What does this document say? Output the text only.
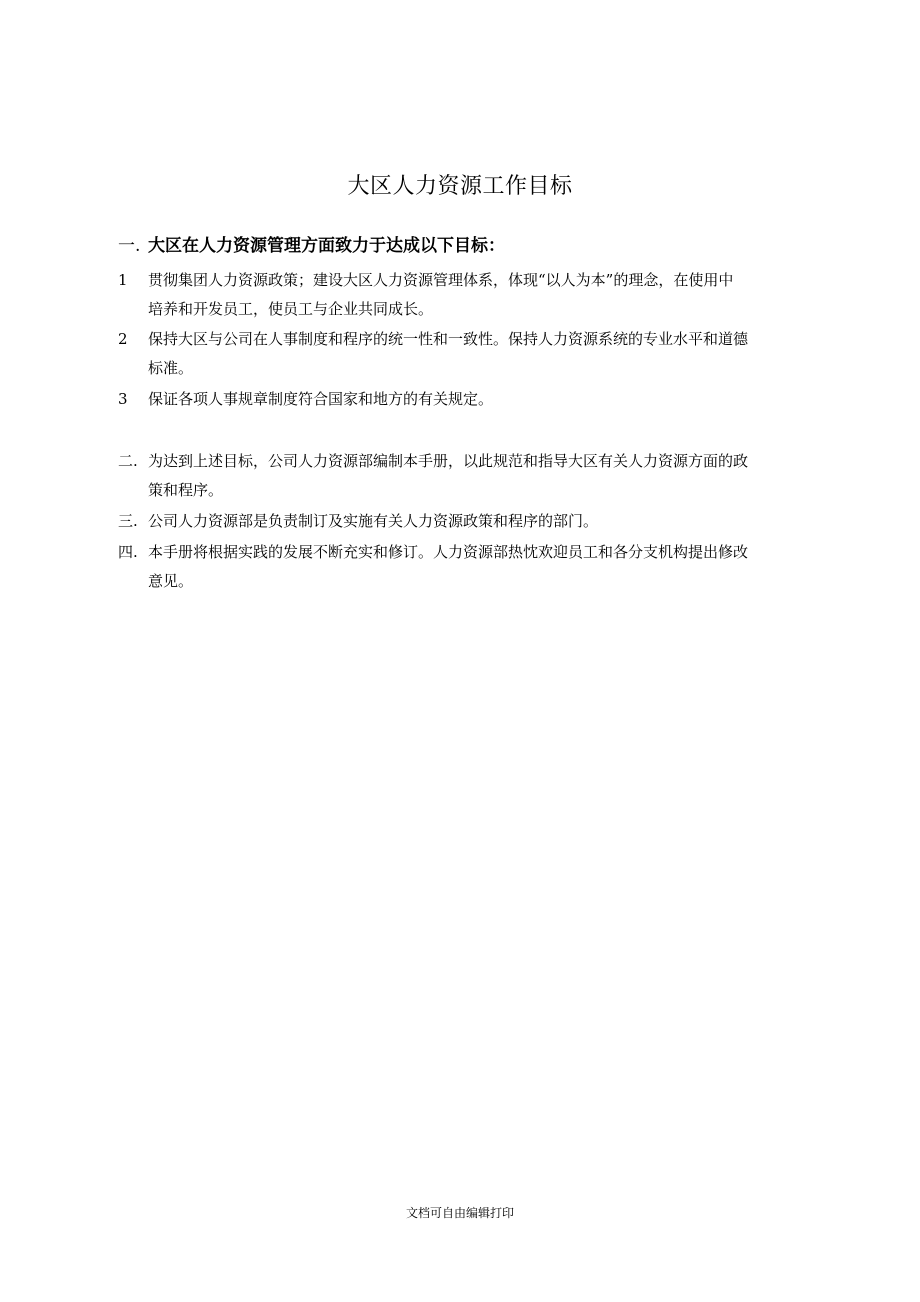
大区人力资源工作目标
一. 大区在人力资源管理方面致力于达成以下目标：
1	贯彻集团人力资源政策；建设大区人力资源管理体系，体现“以人为本”的理念，在使用中
培养和开发员工，使员工与企业共同成长。
2	保持大区与公司在人事制度和程序的统一性和一致性。保持人力资源系统的专业水平和道德
标准。
3	保证各项人事规章制度符合国家和地方的有关规定。
二. 为达到上述目标，公司人力资源部编制本手册，以此规范和指导大区有关人力资源方面的政
策和程序。
三. 公司人力资源部是负责制订及实施有关人力资源政策和程序的部门。
四. 本手册将根据实践的发展不断充实和修订。人力资源部热忱欢迎员工和各分支机构提出修改
意见。
文档可自由编辑打印
